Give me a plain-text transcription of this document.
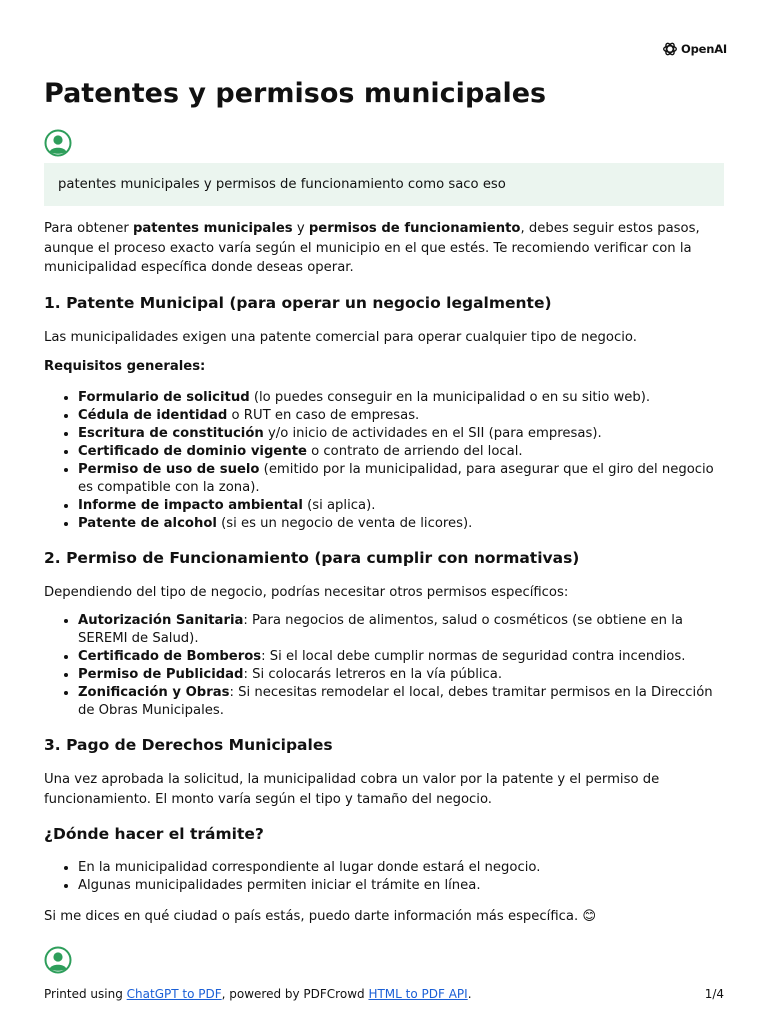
OpenAI
Patentes y permisos municipales
patentes municipales y permisos de funcionamiento como saco eso

Para obtener patentes municipales y permisos de funcionamiento, debes seguir estos pasos, aunque el proceso exacto varía según el municipio en el que estés. Te recomiendo verificar con la municipalidad específica donde deseas operar.

1. Patente Municipal (para operar un negocio legalmente)

Las municipalidades exigen una patente comercial para operar cualquier tipo de negocio.

Requisitos generales:

• Formulario de solicitud (lo puedes conseguir en la municipalidad o en su sitio web).
• Cédula de identidad o RUT en caso de empresas.
• Escritura de constitución y/o inicio de actividades en el SII (para empresas).
• Certificado de dominio vigente o contrato de arriendo del local.
• Permiso de uso de suelo (emitido por la municipalidad, para asegurar que el giro del negocio es compatible con la zona).
• Informe de impacto ambiental (si aplica).
• Patente de alcohol (si es un negocio de venta de licores).
2. Permiso de Funcionamiento (para cumplir con normativas)

Dependiendo del tipo de negocio, podrías necesitar otros permisos específicos:

• Autorización Sanitaria: Para negocios de alimentos, salud o cosméticos (se obtiene en la SEREMI de Salud).
• Certificado de Bomberos: Si el local debe cumplir normas de seguridad contra incendios.
• Permiso de Publicidad: Si colocarás letreros en la vía pública.
• Zonificación y Obras: Si necesitas remodelar el local, debes tramitar permisos en la Dirección de Obras Municipales.
3. Pago de Derechos Municipales

Una vez aprobada la solicitud, la municipalidad cobra un valor por la patente y el permiso de funcionamiento. El monto varía según el tipo y tamaño del negocio.

¿Dónde hacer el trámite?
• En la municipalidad correspondiente al lugar donde estará el negocio.
• Algunas municipalidades permiten iniciar el trámite en línea.

Si me dices en qué ciudad o país estás, puedo darte información más específica. 😊

Printed using ChatGPT to PDF, powered by PDFCrowd HTML to PDF API.	1/4
